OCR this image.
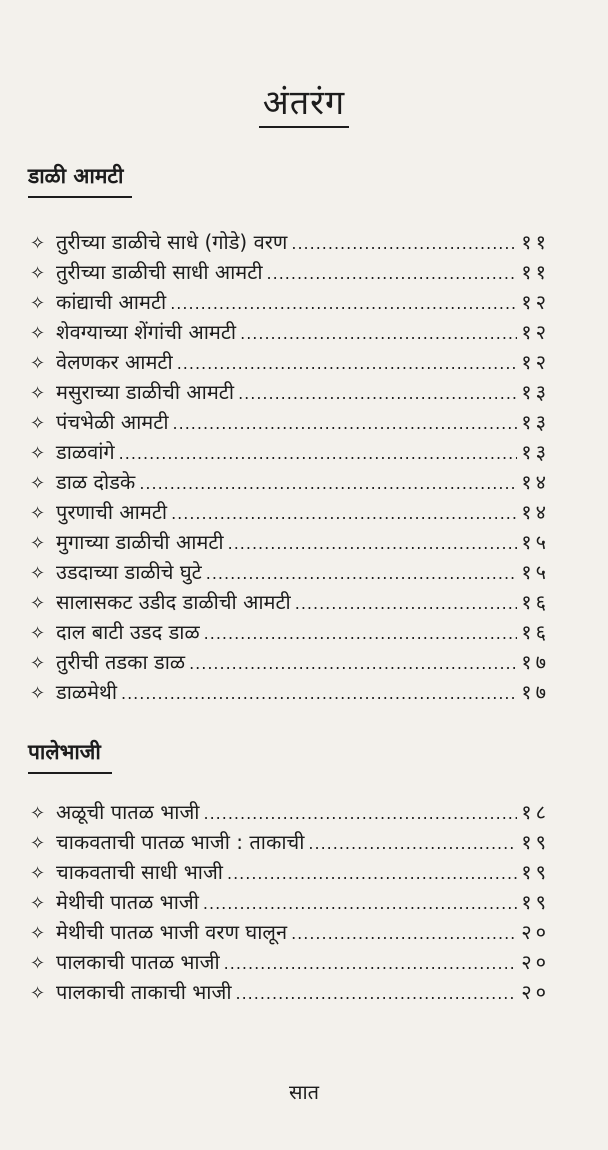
अंतरंग
डाळी आमटी
✧ तुरीच्या डाळीचे साधे (गोडे) वरण .....	११
✧ तुरीच्या डाळीची साधी आमटी .....	११
✧ कांद्याची आमटी .....	१२
✧ शेवग्याच्या शेंगांची आमटी .....	१२
✧ वेलणकर आमटी .....	१२
✧ मसुराच्या डाळीची आमटी .....	१३
✧ पंचभेळी आमटी .....	१३
✧ डाळवांगे .....	१३
✧ डाळ दोडके .....	१४
✧ पुरणाची आमटी .....	१४
✧ मुगाच्या डाळीची आमटी .....	१५
✧ उडदाच्या डाळीचे घुटे .....	१५
✧ सालासकट उडीद डाळीची आमटी .....	१६
✧ दाल बाटी उडद डाळ .....	१६
✧ तुरीची तडका डाळ .....	१७
✧ डाळमेथी .....	१७
पालेभाजी
✧ अळूची पातळ भाजी .....	१८
✧ चाकवताची पातळ भाजी : ताकाची .....	१९
✧ चाकवताची साधी भाजी .....	१९
✧ मेथीची पातळ भाजी .....	१९
✧ मेथीची पातळ भाजी वरण घालून .....	२०
✧ पालकाची पातळ भाजी .....	२०
✧ पालकाची ताकाची भाजी .....	२०
सात
